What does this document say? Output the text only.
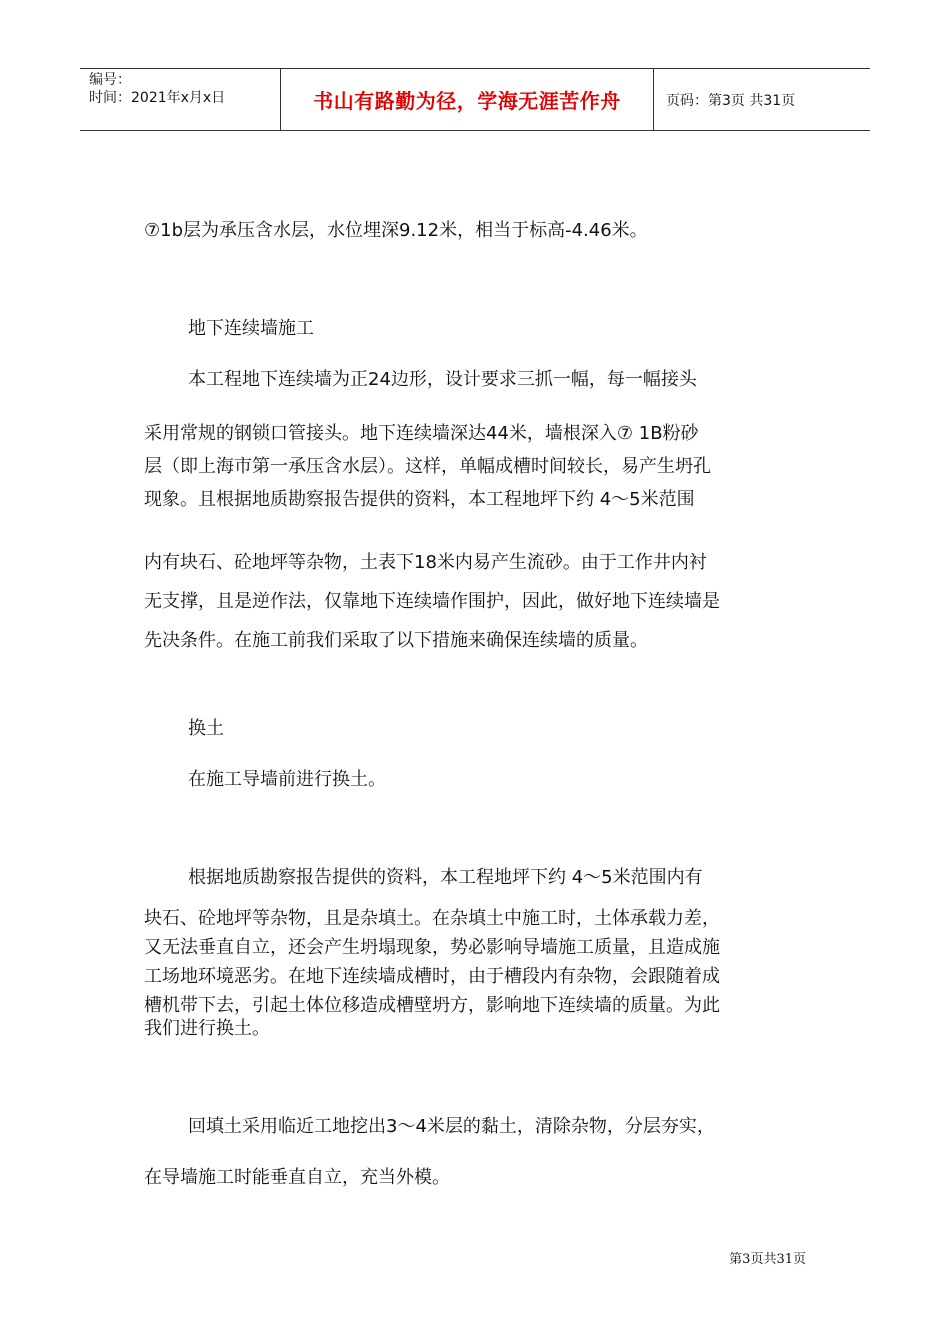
编号：
时间：2021年x月x日	书山有路勤为径，学海无涯苦作舟	页码：第3页 共31页

⑦1b层为承压含水层，水位埋深9.12米，相当于标高-4.46米。

地下连续墙施工

本工程地下连续墙为正24边形，设计要求三抓一幅，每一幅接头

采用常规的钢锁口管接头。地下连续墙深达44米，墙根深入⑦ 1B粉砂
层（即上海市第一承压含水层）。这样，单幅成槽时间较长，易产生坍孔
现象。且根据地质勘察报告提供的资料，本工程地坪下约 4～5米范围

内有块石、砼地坪等杂物，土表下18米内易产生流砂。由于工作井内衬
无支撑，且是逆作法，仅靠地下连续墙作围护，因此，做好地下连续墙是
先决条件。在施工前我们采取了以下措施来确保连续墙的质量。

换土

在施工导墙前进行换土。

根据地质勘察报告提供的资料，本工程地坪下约 4～5米范围内有

块石、砼地坪等杂物，且是杂填土。在杂填土中施工时，土体承载力差，
又无法垂直自立，还会产生坍塌现象，势必影响导墙施工质量，且造成施
工场地环境恶劣。在地下连续墙成槽时，由于槽段内有杂物，会跟随着成
槽机带下去，引起土体位移造成槽壁坍方，影响地下连续墙的质量。为此

我们进行换土。

回填土采用临近工地挖出3～4米层的黏土，清除杂物，分层夯实，

在导墙施工时能垂直自立，充当外模。

第3页共31页
